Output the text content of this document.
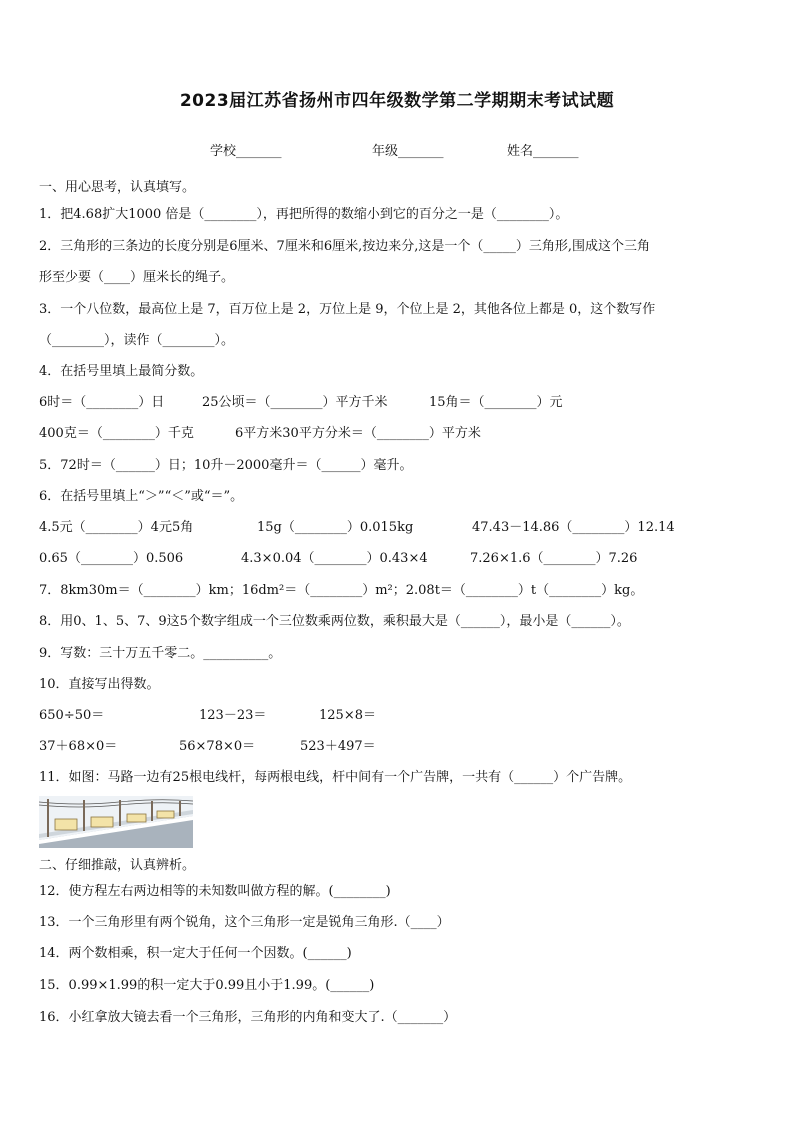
2023届江苏省扬州市四年级数学第二学期期末考试试题
学校_______	年级_______	姓名_______
一、用心思考，认真填写。
1．把4.68扩大1000 倍是（________），再把所得的数缩小到它的百分之一是（________）。
2．三角形的三条边的长度分别是6厘米、7厘米和6厘米,按边来分,这是一个（_____）三角形,围成这个三角
形至少要（____）厘米长的绳子。
3．一个八位数，最高位上是 7，百万位上是 2，万位上是 9，个位上是 2，其他各位上都是 0，这个数写作
（________），读作（________）。
4．在括号里填上最简分数。

6时＝（________）日

	25公顷＝（________）平方千米

	15角＝（________）元

400克＝（________）千克

	6平方米30平方分米＝（________）平方米

5．72时＝（______）日；10升－2000毫升＝（______）毫升。
6．在括号里填上“＞”“＜”或“＝”。

4.5元（________）4元5角

	15g（________）0.015kg

	47.43－14.86（________）12.14

0.65（________）0.506

	4.3×0.04（________）0.43×4

	7.26×1.6（________）7.26

7．8km30m＝（________）km；16dm²＝（________）m²；2.08t＝（________）t（________）kg。
8．用0、1、5、7、9这5个数字组成一个三位数乘两位数，乘积最大是（______），最小是（______）。
9．写数：三十万五千零二。__________。
10．直接写出得数。

650÷50＝

	123－23＝

	125×8＝

37＋68×0＝

	56×78×0＝

	523＋497＝

11．如图：马路一边有25根电线杆，每两根电线，杆中间有一个广告牌，一共有（______）个广告牌。
二、仔细推敲，认真辨析。
12．使方程左右两边相等的未知数叫做方程的解。(________)
13．一个三角形里有两个锐角，这个三角形一定是锐角三角形.（____）
14．两个数相乘，积一定大于任何一个因数。(______)
15．0.99×1.99的积一定大于0.99且小于1.99。(______)
16．小红拿放大镜去看一个三角形，三角形的内角和变大了.（_______）
